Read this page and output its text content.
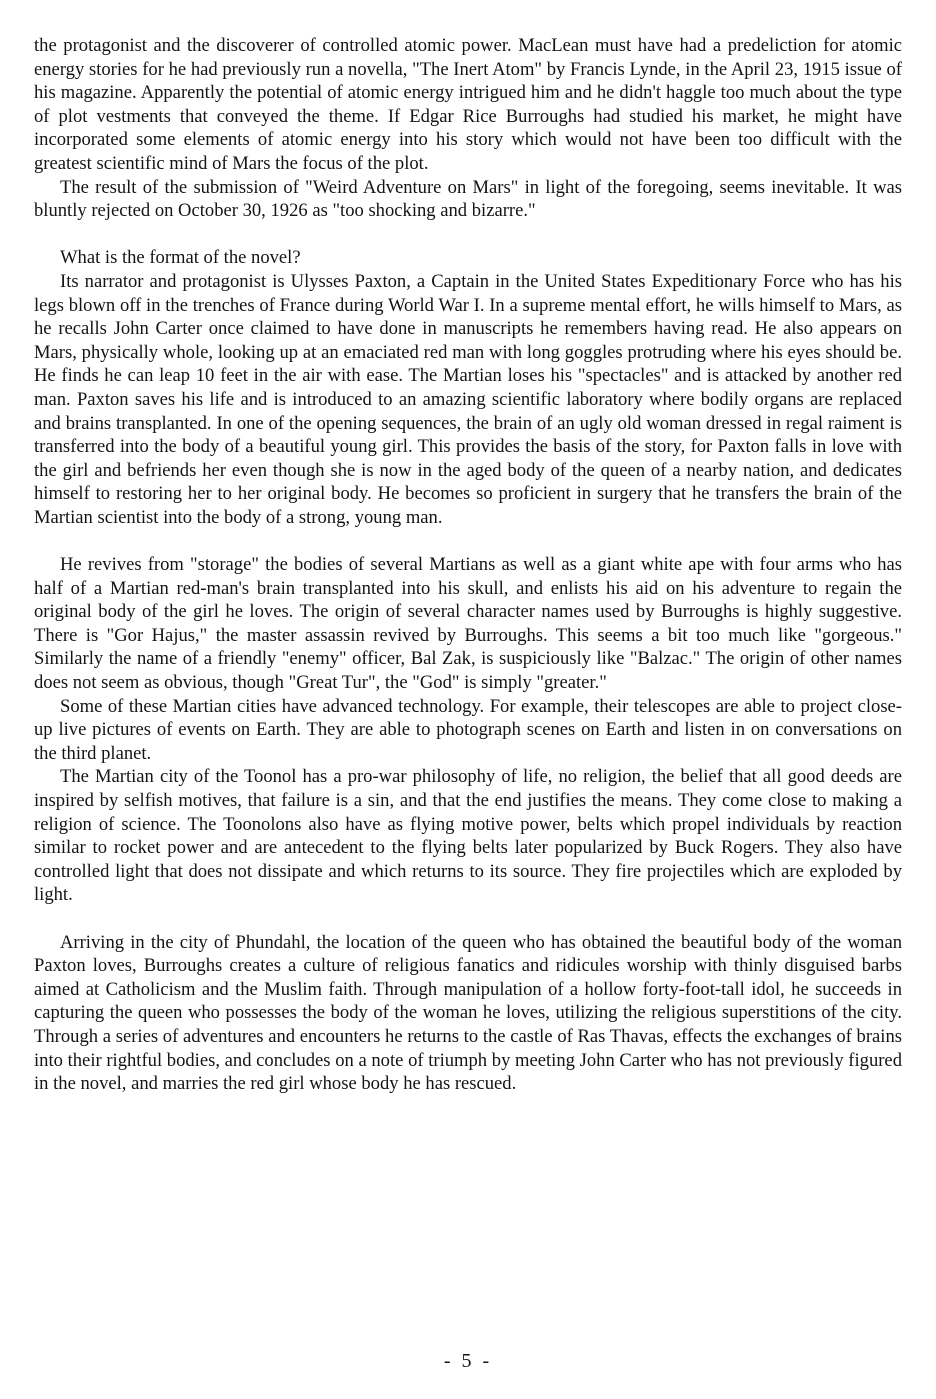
the protagonist and the discoverer of controlled atomic power. MacLean must have had a predeliction for atomic energy stories for he had previously run a novella, "The Inert Atom" by Francis Lynde, in the April 23, 1915 issue of his magazine. Apparently the potential of atomic energy intrigued him and he didn't haggle too much about the type of plot vestments that conveyed the theme. If Edgar Rice Burroughs had studied his market, he might have incorporated some elements of atomic energy into his story which would not have been too difficult with the greatest scientific mind of Mars the focus of the plot.

The result of the submission of "Weird Adventure on Mars" in light of the foregoing, seems inevitable. It was bluntly rejected on October 30, 1926 as "too shocking and bizarre."

What is the format of the novel?

Its narrator and protagonist is Ulysses Paxton, a Captain in the United States Expeditionary Force who has his legs blown off in the trenches of France during World War I. In a supreme mental effort, he wills himself to Mars, as he recalls John Carter once claimed to have done in manuscripts he remembers having read. He also appears on Mars, physically whole, looking up at an emaciated red man with long goggles protruding where his eyes should be. He finds he can leap 10 feet in the air with ease. The Martian loses his "spectacles" and is attacked by another red man. Paxton saves his life and is introduced to an amazing scientific laboratory where bodily organs are replaced and brains transplanted. In one of the opening sequences, the brain of an ugly old woman dressed in regal raiment is transferred into the body of a beautiful young girl. This provides the basis of the story, for Paxton falls in love with the girl and befriends her even though she is now in the aged body of the queen of a nearby nation, and dedicates himself to restoring her to her original body. He becomes so proficient in surgery that he transfers the brain of the Martian scientist into the body of a strong, young man.

He revives from "storage" the bodies of several Martians as well as a giant white ape with four arms who has half of a Martian red-man's brain transplanted into his skull, and enlists his aid on his adventure to regain the original body of the girl he loves. The origin of several character names used by Burroughs is highly suggestive. There is "Gor Hajus," the master assassin revived by Burroughs. This seems a bit too much like "gorgeous." Similarly the name of a friendly "enemy" officer, Bal Zak, is suspiciously like "Balzac." The origin of other names does not seem as obvious, though "Great Tur", the "God" is simply "greater."

Some of these Martian cities have advanced technology. For example, their telescopes are able to project close-up live pictures of events on Earth. They are able to photograph scenes on Earth and listen in on conversations on the third planet.

The Martian city of the Toonol has a pro-war philosophy of life, no religion, the belief that all good deeds are inspired by selfish motives, that failure is a sin, and that the end justifies the means. They come close to making a religion of science. The Toonolons also have as flying motive power, belts which propel individuals by reaction similar to rocket power and are antecedent to the flying belts later popularized by Buck Rogers. They also have controlled light that does not dissipate and which returns to its source. They fire projectiles which are exploded by light.

Arriving in the city of Phundahl, the location of the queen who has obtained the beautiful body of the woman Paxton loves, Burroughs creates a culture of religious fanatics and ridicules worship with thinly disguised barbs aimed at Catholicism and the Muslim faith. Through manipulation of a hollow forty-foot-tall idol, he succeeds in capturing the queen who possesses the body of the woman he loves, utilizing the religious superstitions of the city. Through a series of adventures and encounters he returns to the castle of Ras Thavas, effects the exchanges of brains into their rightful bodies, and concludes on a note of triumph by meeting John Carter who has not previously figured in the novel, and marries the red girl whose body he has rescued.

- 5 -
